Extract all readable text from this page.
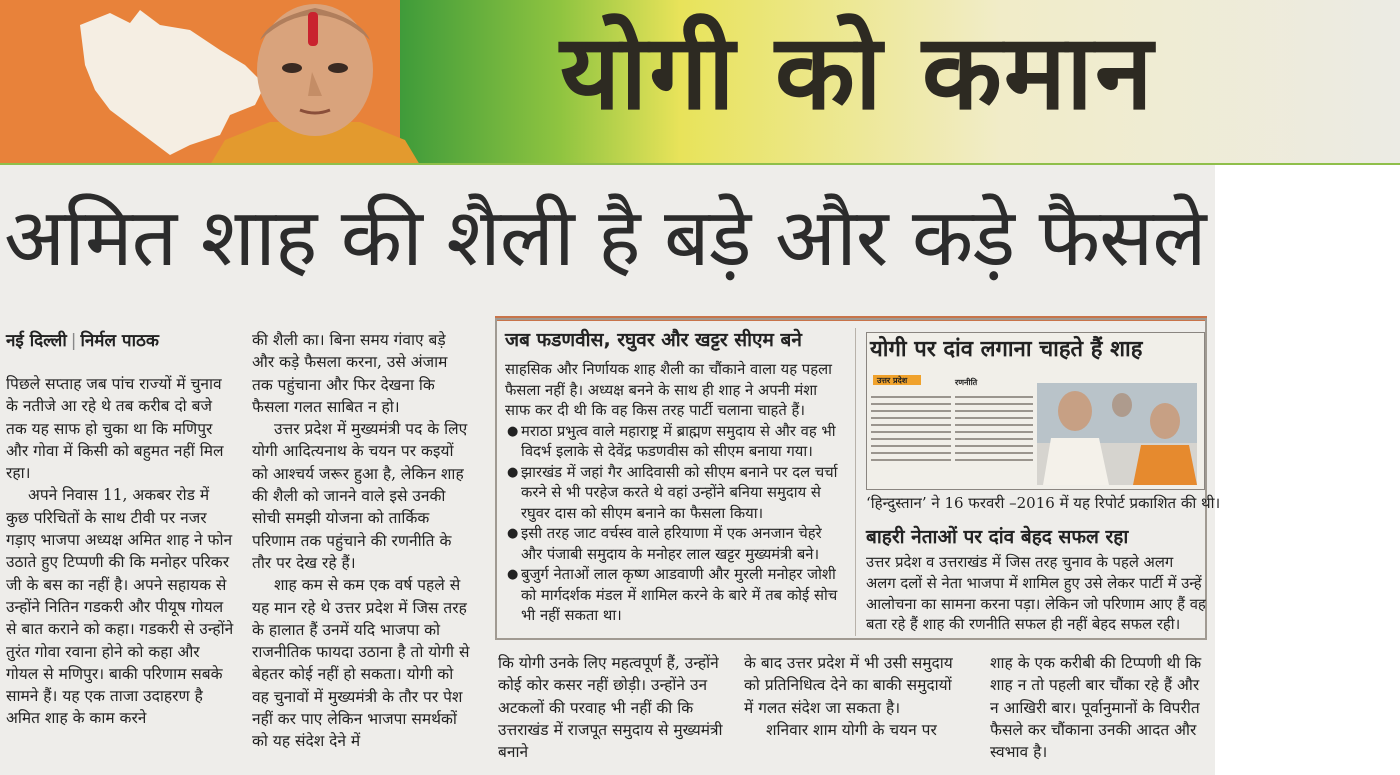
योगी को कमान
अमित शाह की शैली है बड़े और कड़े फैसले
नई दिल्ली | निर्मल पाठक

पिछले सप्ताह जब पांच राज्यों में चुनाव के नतीजे आ रहे थे तब करीब दो बजे तक यह साफ हो चुका था कि मणिपुर और गोवा में किसी को बहुमत नहीं मिल रहा।

अपने निवास 11, अकबर रोड में कुछ परिचितों के साथ टीवी पर नजर गड़ाए भाजपा अध्यक्ष अमित शाह ने फोन उठाते हुए टिप्पणी की कि मनोहर परिकर जी के बस का नहीं है। अपने सहायक से उन्होंने नितिन गडकरी और पीयूष गोयल से बात कराने को कहा। गडकरी से उन्होंने तुरंत गोवा रवाना होने को कहा और गोयल से मणिपुर। बाकी परिणाम सबके सामने हैं। यह एक ताजा उदाहरण है अमित शाह के काम करने

की शैली का। बिना समय गंवाए बड़े और कड़े फैसला करना, उसे अंजाम तक पहुंचाना और फिर देखना कि फैसला गलत साबित न हो।

उत्तर प्रदेश में मुख्यमंत्री पद के लिए योगी आदित्यनाथ के चयन पर कइयों को आश्चर्य जरूर हुआ है, लेकिन शाह की शैली को जानने वाले इसे उनकी सोची समझी योजना को तार्किक परिणाम तक पहुंचाने की रणनीति के तौर पर देख रहे हैं।

शाह कम से कम एक वर्ष पहले से यह मान रहे थे उत्तर प्रदेश में जिस तरह के हालात हैं उनमें यदि भाजपा को राजनीतिक फायदा उठाना है तो योगी से बेहतर कोई नहीं हो सकता। योगी को वह चुनावों में मुख्यमंत्री के तौर पर पेश नहीं कर पाए लेकिन भाजपा समर्थकों को यह संदेश देने में

जब फडणवीस, रघुवर और खट्टर सीएम बने

साहसिक और निर्णायक शाह शैली का चौंकाने वाला यह पहला फैसला नहीं है। अध्यक्ष बनने के साथ ही शाह ने अपनी मंशा साफ कर दी थी कि वह किस तरह पार्टी चलाना चाहते हैं।

● मराठा प्रभुत्व वाले महाराष्ट्र में ब्राह्मण समुदाय से और वह भी विदर्भ इलाके से देवेंद्र फडणवीस को सीएम बनाया गया।
● झारखंड में जहां गैर आदिवासी को सीएम बनाने पर दल चर्चा करने से भी परहेज करते थे वहां उन्होंने बनिया समुदाय से रघुवर दास को सीएम बनाने का फैसला किया।
● इसी तरह जाट वर्चस्व वाले हरियाणा में एक अनजान चेहरे और पंजाबी समुदाय के मनोहर लाल खट्टर मुख्यमंत्री बने।
● बुजुर्ग नेताओं लाल कृष्ण आडवाणी और मुरली मनोहर जोशी को मार्गदर्शक मंडल में शामिल करने के बारे में तब कोई सोच भी नहीं सकता था।
उत्तर प्रदेश	रणनीति
योगी पर दांव लगाना चाहते हैं शाह
‘हिन्दुस्तान’ ने 16 फरवरी –2016 में यह रिपोर्ट प्रकाशित की थी।
बाहरी नेताओं पर दांव बेहद सफल रहा
उत्तर प्रदेश व उत्तराखंड में जिस तरह चुनाव के पहले अलग अलग दलों से नेता भाजपा में शामिल हुए उसे लेकर पार्टी में उन्हें आलोचना का सामना करना पड़ा। लेकिन जो परिणाम आए हैं वह बता रहे हैं शाह की रणनीति सफल ही नहीं बेहद सफल रही।

कि योगी उनके लिए महत्वपूर्ण हैं, उन्होंने कोई कोर कसर नहीं छोड़ी। उन्होंने उन अटकलों की परवाह भी नहीं की कि उत्तराखंड में राजपूत समुदाय से मुख्यमंत्री बनाने

के बाद उत्तर प्रदेश में भी उसी समुदाय को प्रतिनिधित्व देने का बाकी समुदायों में गलत संदेश जा सकता है।

शनिवार शाम योगी के चयन पर

शाह के एक करीबी की टिप्पणी थी कि शाह न तो पहली बार चौंका रहे हैं और न आखिरी बार। पूर्वानुमानों के विपरीत फैसले कर चौंकाना उनकी आदत और स्वभाव है।
